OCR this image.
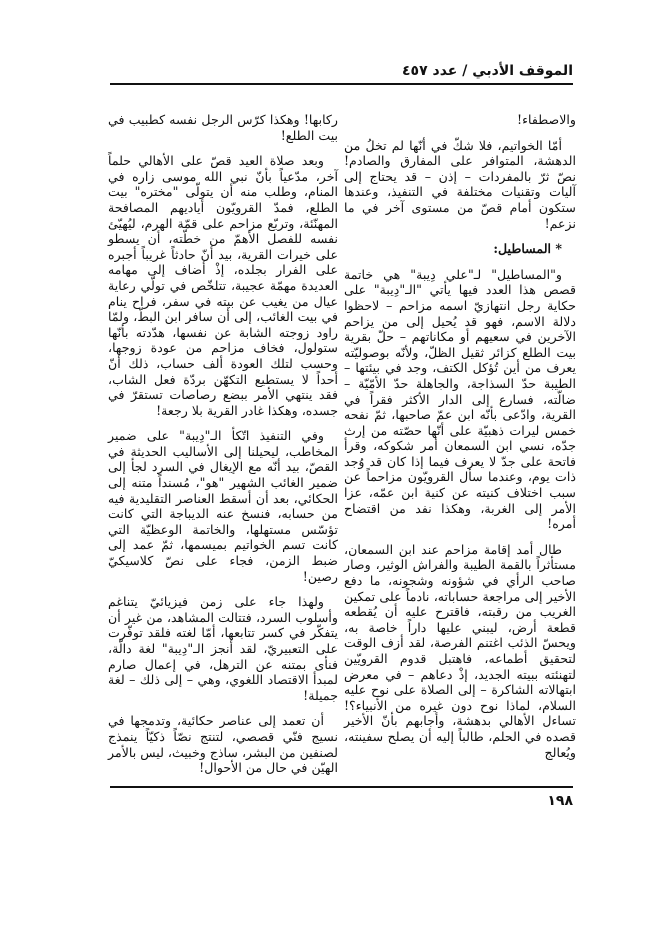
الموقف الأدبي / عدد ٤٥٧

والاصطفاء!

أمّا الخواتيم، فلا شكّ في أنّها لم تخلُ من الدهشة، المتوافر على المفارق والصادم! نصّ ثرّ بالمفردات – إذن – قد يحتاج إلى آليات وتقنيات مختلفة في التنفيذ، وعندها ستكون أمام قصّ من مستوى آخر في ما نزعم!

* المساطيل:

و"المساطيل" لـ"علي دِيبة" هي خاتمة قصص هذا العدد فيها يأتي "الـ"دِيبة" على حكاية رجل انتهازيّ اسمه مزاحم – لاحظوا دلالة الاسم، فهو قد يُحيل إلى من يزاحم الآخرين في سعيهم أو مكاناتهم – حلّ بقرية بيت الطلع كزائر ثقيل الظلّ، ولأنّه بوصوليّته يعرف من أين تُؤكل الكتف، وجد في بيئتها – الطيبة حدّ السذاجة، والجاهلة حدّ الأمّيّة – ضالّته، فسارع إلى الدار الأكثر فقراً في القرية، وادّعى بأنّه ابن عمّ صاحبها، ثمّ نفحه خمس ليرات ذهبيّة على أنّها حصّته من إرث جدّه، نسي ابن السمعان أمر شكوكه، وقرأ فاتحة على جدّ لا يعرف فيما إذا كان قد وُجد ذات يوم، وعندما سأل القرويّون مزاحماً عن سبب اختلاف كنيته عن كنية ابن عمّه، عزا الأمر إلى الغربة، وهكذا نفد من اقتضاح أمره!

طال أمد إقامة مزاحم عند ابن السمعان، مستأثراً بالقمة الطيبة والفراش الوثير، وصار صاحب الرأي في شؤونه وشجونه، ما دفع الأخير إلى مراجعة حساباته، نادماً على تمكين الغريب من رقبته، فاقترح عليه أن يُقطعه قطعة أرض، ليبني عليها داراً خاصة به، ويحسّ الذئب اغتنم الفرصة، لقد أزف الوقت لتحقيق أطماعه، فاهتبل قدوم القرويّين لتهنئته ببيته الجديد، إذْ دعاهم – في معرض ابتهالاته الشاكرة – إلى الصلاة على نوح عليه السلام، لماذا نوح دون غيره من الأنبياء؟! تساءل الأهالي بدهشة، وأجابهم بأنّ الأخير قصده في الحلم، طالباً إليه أن يصلح سفينته، ويُعالج

ركابها! وهكذا كرّس الرجل نفسه كطبيب في بيت الطلع!

وبعد صلاة العيد قصّ على الأهالي حلماً آخر، مدّعياً بأنّ نبي الله موسى زاره في المنام، وطلب منه أن يتولّى "مختره" بيت الطلع، فمدّ القرويّون أياديهم المصافحة المهنّئة، وتربّع مزاحم على قمّة الهرم، ليُهيّئ نفسه للفصل الأهمّ من خطّته، أن يسطو على خيرات القرية، بيد أنّ حادثاً غريباً أجبره على الفرار بجلده، إذْ أضاف إلى مهامه العديدة مهمّة عجيبة، تتلخّص في تولّي رعاية عيال من يغيب عن بيته في سفر، فراح ينام في بيت الغائب، إلى أن سافر ابن البطّ، ولمّا راود زوجته الشابة عن نفسها، هدّدته بأنّها ستولول، فخاف مزاحم من عودة زوجها، وحسب لتلك العودة ألف حساب، ذلك أنّ أحداً لا يستطيع التكهّن بردّة فعل الشاب، فقد ينتهي الأمر ببضع رصاصات تستقرّ في جسده، وهكذا غادر القرية بلا رجعة!

وفي التنفيذ اتّكأ الـ"دِيبة" على ضمير المخاطب، ليحيلنا إلى الأساليب الحديثة في القصّ، بيد أنّه مع الإيغال في السرد لجأ إلى ضمير الغائب الشهير "هو"، مُسنداً متنه إلى الحكائي، بعد أن أسقط العناصر التقليدية فيه من حسابه، فنسخ عنه الديباجة التي كانت تؤسّس مستهلها، والخاتمة الوعظيّة التي كانت تسم الخواتيم بميسمها، ثمّ عمد إلى ضبط الزمن، فجاء على نصّ كلاسيكيّ رصين!

ولهذا جاء على زمن فيزيائيّ يتناغم وأسلوب السرد، فتتالت المشاهد، من غير أن يتفكّر في كسر تتابعها، أمّا لغته فلقد توفّرت على التعبيريّ، لقد أنجز الـ"دِيبة" لغة دالّة، فنأى بمتنه عن الترهل، في إعمال صارم لمبدأ الاقتصاد اللغوي، وهي – إلى ذلك – لغة جميلة!

أن تعمد إلى عناصر حكائية، وتدمجها في نسيج فنّي قصصي، لتنتج نصّاً ذكيّاً ينمذج لصنفين من البشر، ساذج وخبيث، ليس بالأمر الهيّن في حال من الأحوال!

١٩٨
